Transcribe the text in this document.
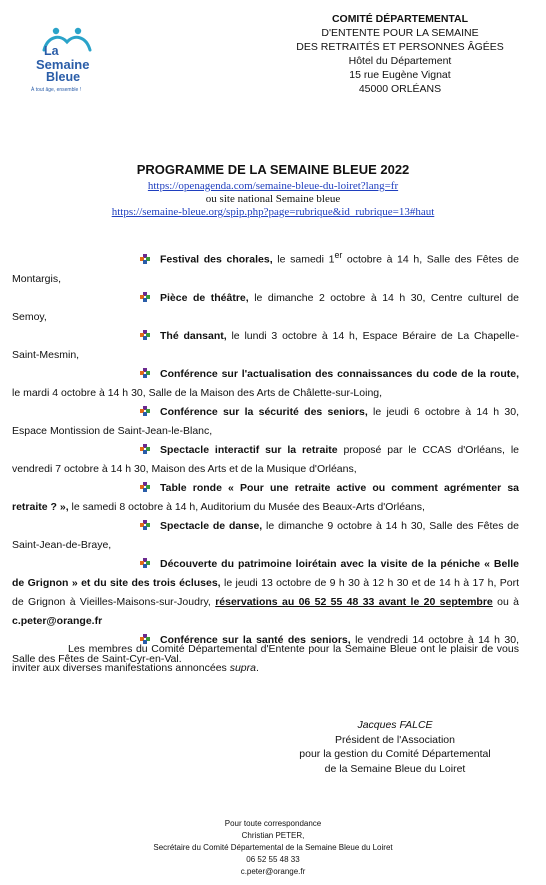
La
Semaine
Bleue
À tout âge, ensemble !
COMITÉ DÉPARTEMENTAL
D'ENTENTE POUR LA SEMAINE
DES RETRAITÉS ET PERSONNES ÂGÉES
Hôtel du Département
15 rue Eugène Vignat
45000 ORLÉANS
PROGRAMME DE LA SEMAINE BLEUE 2022
https://openagenda.com/semaine-bleue-du-loiret?lang=fr
ou site national Semaine bleue
https://semaine-bleue.org/spip.php?page=rubrique&id_rubrique=13#haut
Festival des chorales, le samedi 1er octobre à 14 h, Salle des Fêtes de Montargis,
Pièce de théâtre, le dimanche 2 octobre à 14 h 30, Centre culturel de Semoy,
Thé dansant, le lundi 3 octobre à 14 h, Espace Béraire de La Chapelle-Saint-Mesmin,
Conférence sur l'actualisation des connaissances du code de la route, le mardi 4 octobre à 14 h 30, Salle de la Maison des Arts de Châlette-sur-Loing,
Conférence sur la sécurité des seniors, le jeudi 6 octobre à 14 h 30, Espace Montission de Saint-Jean-le-Blanc,
Spectacle interactif sur la retraite proposé par le CCAS d'Orléans, le vendredi 7 octobre à 14 h 30, Maison des Arts et de la Musique d'Orléans,
Table ronde « Pour une retraite active ou comment agrémenter sa retraite ? », le samedi 8 octobre à 14 h, Auditorium du Musée des Beaux-Arts d'Orléans,
Spectacle de danse, le dimanche 9 octobre à 14 h 30, Salle des Fêtes de Saint-Jean-de-Braye,
Découverte du patrimoine loirétain avec la visite de la péniche « Belle de Grignon » et du site des trois écluses, le jeudi 13 octobre de 9 h 30 à 12 h 30 et de 14 h à 17 h, Port de Grignon à Vieilles-Maisons-sur-Joudry, réservations au 06 52 55 48 33 avant le 20 septembre ou à c.peter@orange.fr
Conférence sur la santé des seniors, le vendredi 14 octobre à 14 h 30, Salle des Fêtes de Saint-Cyr-en-Val.
Les membres du Comité Départemental d'Entente pour la Semaine Bleue ont le plaisir de vous inviter aux diverses manifestations annoncées supra.
Jacques FALCE
Président de l'Association
pour la gestion du Comité Départemental
de la Semaine Bleue du Loiret
Pour toute correspondance
Christian PETER,
Secrétaire du Comité Départemental de la Semaine Bleue du Loiret
06 52 55 48 33
c.peter@orange.fr
